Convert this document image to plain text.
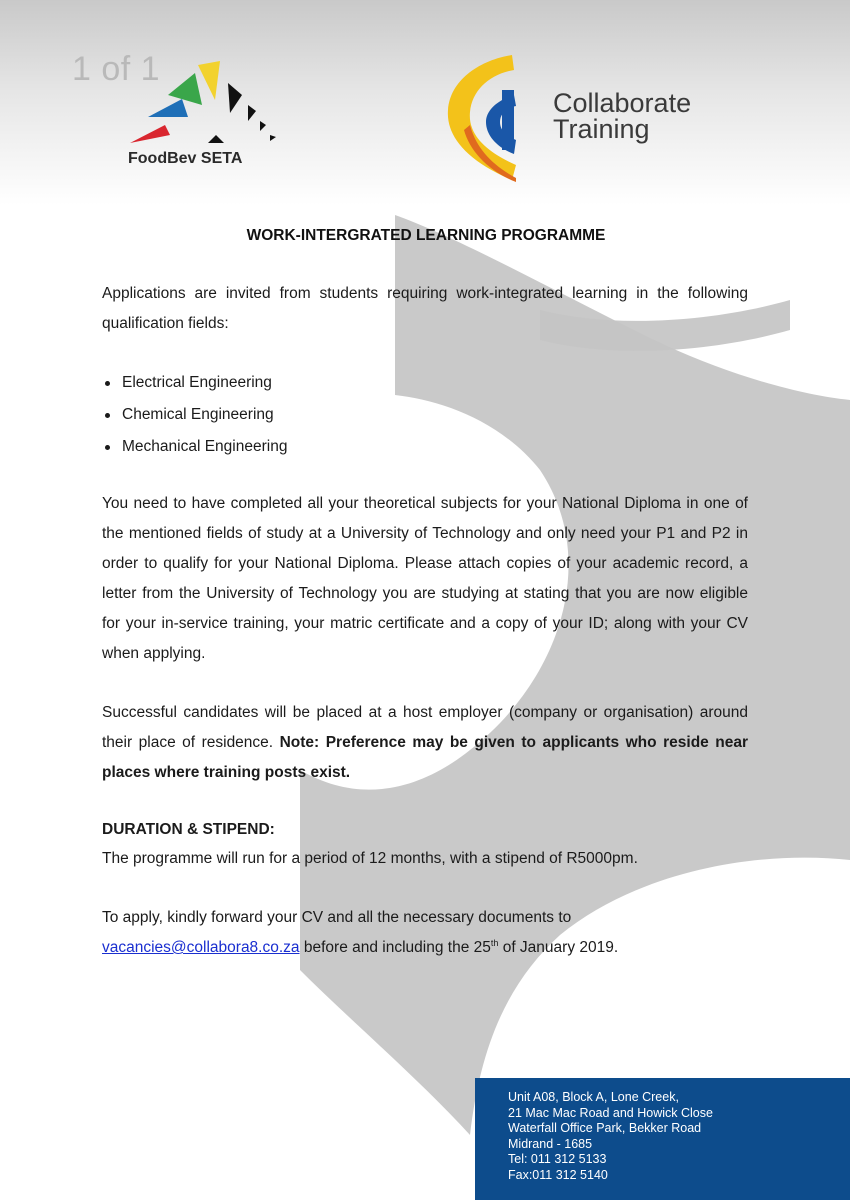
1 of 1
FoodBev SETA
Collaborate
Training
WORK-INTERGRATED LEARNING PROGRAMME

Applications are invited from students requiring work-integrated learning in the following qualification fields:

Electrical Engineering
Chemical Engineering
Mechanical Engineering

You need to have completed all your theoretical subjects for your National Diploma in one of the mentioned fields of study at a University of Technology and only need your P1 and P2 in order to qualify for your National Diploma. Please attach copies of your academic record, a letter from the University of Technology you are studying at stating that you are now eligible for your in-service training, your matric certificate and a copy of your ID; along with your CV when applying.

Successful candidates will be placed at a host employer (company or organisation) around their place of residence. Note: Preference may be given to applicants who reside near places where training posts exist.

DURATION & STIPEND:

The programme will run for a period of 12 months, with a stipend of R5000pm.

To apply, kindly forward your CV and all the necessary documents to
vacancies@collabora8.co.za before and including the 25th of January 2019.

Unit A08, Block A, Lone Creek,
21 Mac Mac Road and Howick Close
Waterfall Office Park, Bekker Road
Midrand - 1685
Tel: 011 312 5133
Fax:011 312 5140
